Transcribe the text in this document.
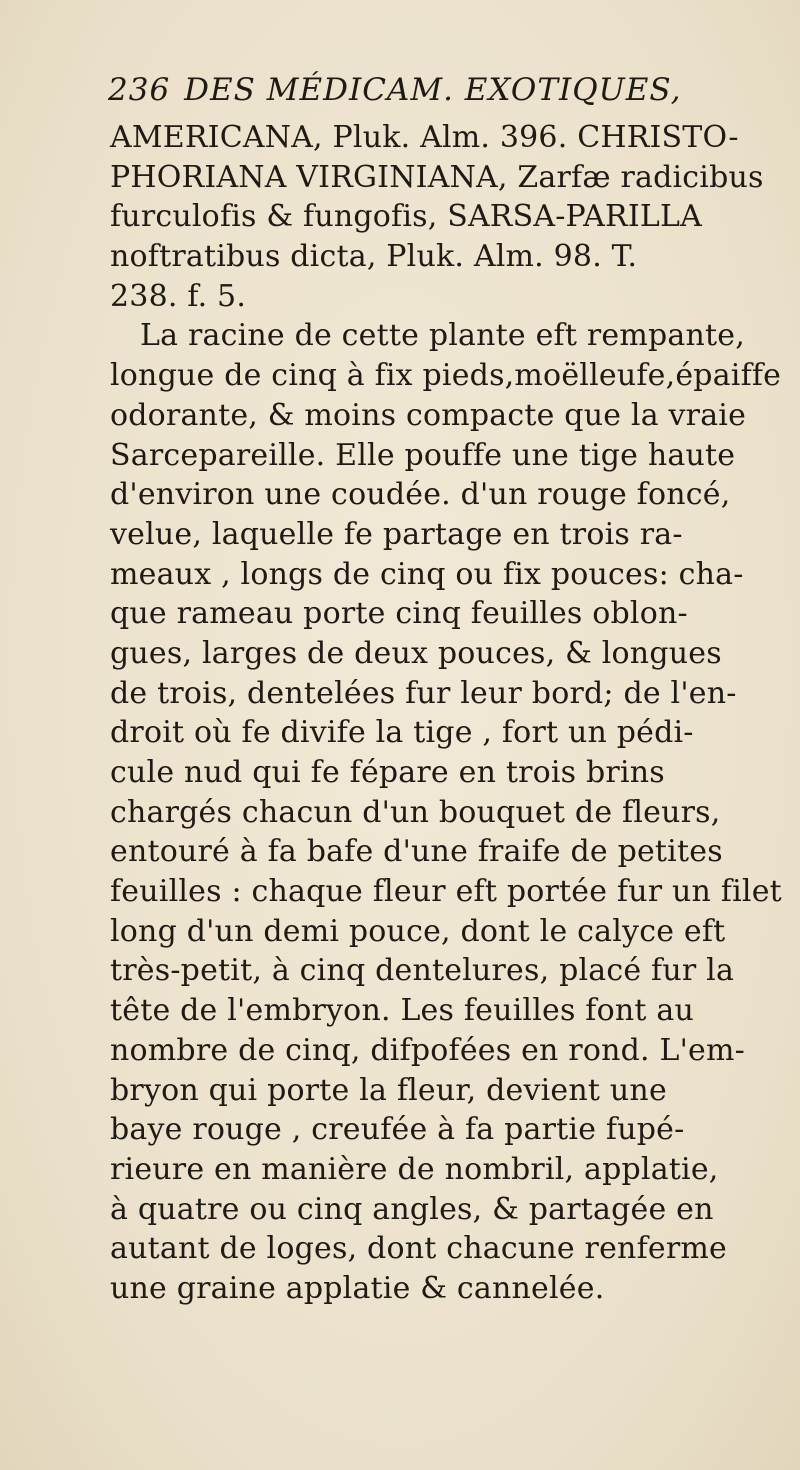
236 DES MÉDICAM. EXOTIQUES,
AMERICANA, Pluk. Alm. 396. CHRISTO-
PHORIANA VIRGINIANA, Zarfæ radicibus
furculofis & fungofis, SARSA-PARILLA
noftratibus dicta, Pluk. Alm. 98. T.
238. f. 5.
La racine de cette plante eft rempante,
longue de cinq à fix pieds,moëlleufe,épaiffe
odorante, & moins compacte que la vraie
Sarcepareille. Elle pouffe une tige haute
d'environ une coudée. d'un rouge foncé,
velue, laquelle fe partage en trois ra-
meaux , longs de cinq ou fix pouces: cha-
que rameau porte cinq feuilles oblon-
gues, larges de deux pouces, & longues
de trois, dentelées fur leur bord; de l'en-
droit où fe divife la tige , fort un pédi-
cule nud qui fe fépare en trois brins
chargés chacun d'un bouquet de fleurs,
entouré à fa bafe d'une fraife de petites
feuilles : chaque fleur eft portée fur un filet
long d'un demi pouce, dont le calyce eft
très-petit, à cinq dentelures, placé fur la
tête de l'embryon. Les feuilles font au
nombre de cinq, difpofées en rond. L'em-
bryon qui porte la fleur, devient une
baye rouge , creufée à fa partie fupé-
rieure en manière de nombril, applatie,
à quatre ou cinq angles, & partagée en
autant de loges, dont chacune renferme
une graine applatie & cannelée.
